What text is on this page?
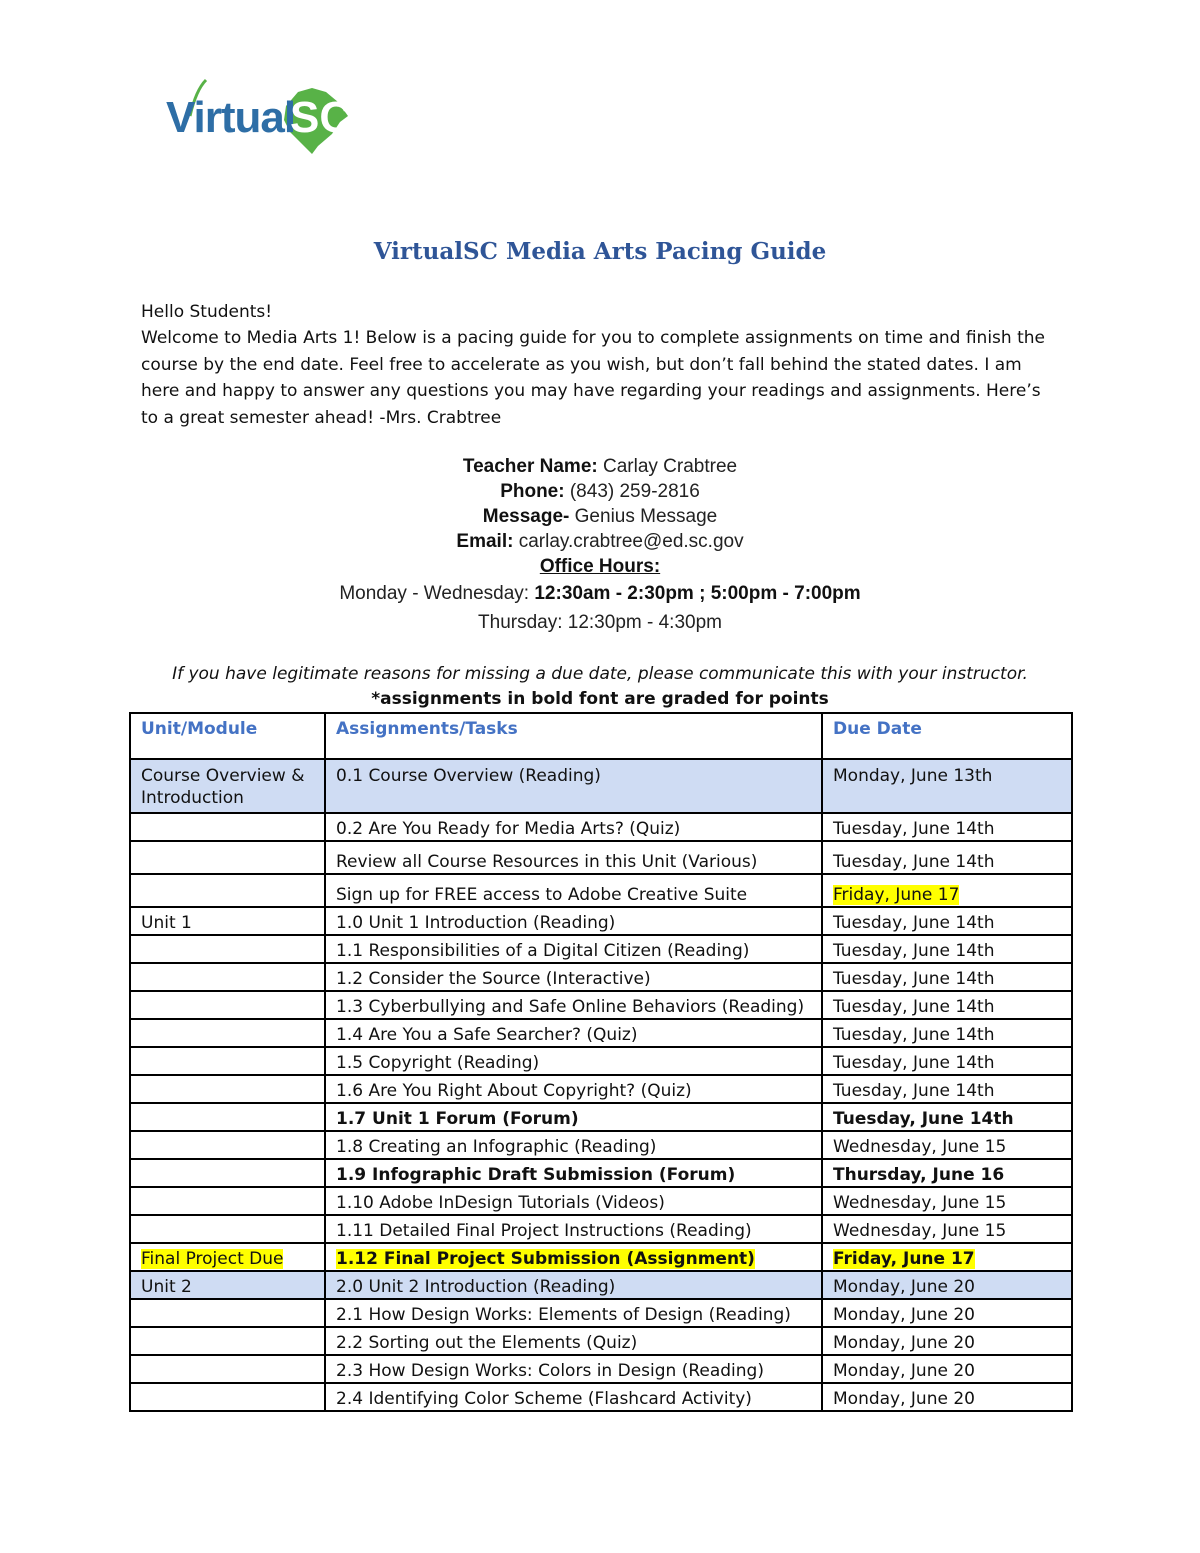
Virtual
SC
VirtualSC Media Arts Pacing Guide

Hello Students!

Welcome to Media Arts 1! Below is a pacing guide for you to complete assignments on time and finish the course by the end date. Feel free to accelerate as you wish, but don’t fall behind the stated dates. I am here and happy to answer any questions you may have regarding your readings and assignments. Here’s to a great semester ahead! -Mrs. Crabtree

Teacher Name: Carlay Crabtree
Phone: (843) 259-2816
Message- Genius Message
Email: carlay.crabtree@ed.sc.gov
Office Hours:
Monday - Wednesday: 12:30am - 2:30pm ; 5:00pm - 7:00pm
Thursday: 12:30pm - 4:30pm
If you have legitimate reasons for missing a due date, please communicate this with your instructor.
*assignments in bold font are graded for points
Unit/Module	Assignments/Tasks	Due Date
Course Overview & Introduction	0.1 Course Overview (Reading)	Monday, June 13th
	0.2 Are You Ready for Media Arts? (Quiz)	Tuesday, June 14th
	Review all Course Resources in this Unit (Various)	Tuesday, June 14th
	Sign up for FREE access to Adobe Creative Suite	Friday, June 17
Unit 1	1.0 Unit 1 Introduction (Reading)	Tuesday, June 14th
	1.1 Responsibilities of a Digital Citizen (Reading)	Tuesday, June 14th
	1.2 Consider the Source (Interactive)	Tuesday, June 14th
	1.3 Cyberbullying and Safe Online Behaviors (Reading)	Tuesday, June 14th
	1.4 Are You a Safe Searcher? (Quiz)	Tuesday, June 14th
	1.5 Copyright (Reading)	Tuesday, June 14th
	1.6 Are You Right About Copyright? (Quiz)	Tuesday, June 14th
	1.7 Unit 1 Forum (Forum)	Tuesday, June 14th
	1.8 Creating an Infographic (Reading)	Wednesday, June 15
	1.9 Infographic Draft Submission (Forum)	Thursday, June 16
	1.10 Adobe InDesign Tutorials (Videos)	Wednesday, June 15
	1.11 Detailed Final Project Instructions (Reading)	Wednesday, June 15
Final Project Due	1.12 Final Project Submission (Assignment)	Friday, June 17
Unit 2	2.0 Unit 2 Introduction (Reading)	Monday, June 20
	2.1 How Design Works: Elements of Design (Reading)	Monday, June 20
	2.2 Sorting out the Elements (Quiz)	Monday, June 20
	2.3 How Design Works: Colors in Design (Reading)	Monday, June 20
	2.4 Identifying Color Scheme (Flashcard Activity)	Monday, June 20
